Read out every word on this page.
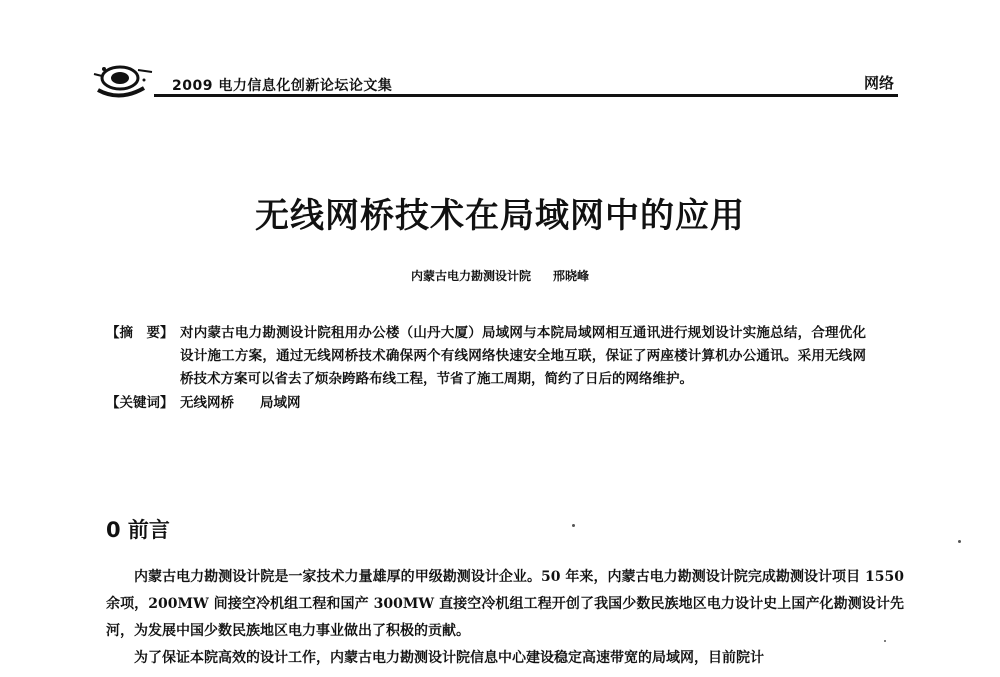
2009 电力信息化创新论坛论文集	网络
无线网桥技术在局域网中的应用
内蒙古电力勘测设计院 邢晓峰
【摘　要】 对内蒙古电力勘测设计院租用办公楼（山丹大厦）局域网与本院局域网相互通讯进行规划设计实施总结，合理优化设计施工方案，通过无线网桥技术确保两个有线网络快速安全地互联，保证了两座楼计算机办公通讯。采用无线网桥技术方案可以省去了烦杂跨路布线工程，节省了施工周期，简约了日后的网络维护。
【关键词】 无线网桥 局域网
0 前言

内蒙古电力勘测设计院是一家技术力量雄厚的甲级勘测设计企业。50 年来，内蒙古电力勘测设计院完成勘测设计项目 1550 余项，200MW 间接空冷机组工程和国产 300MW 直接空冷机组工程开创了我国少数民族地区电力设计史上国产化勘测设计先河，为发展中国少数民族地区电力事业做出了积极的贡献。

为了保证本院高效的设计工作，内蒙古电力勘测设计院信息中心建设稳定高速带宽的局域网，目前院计
